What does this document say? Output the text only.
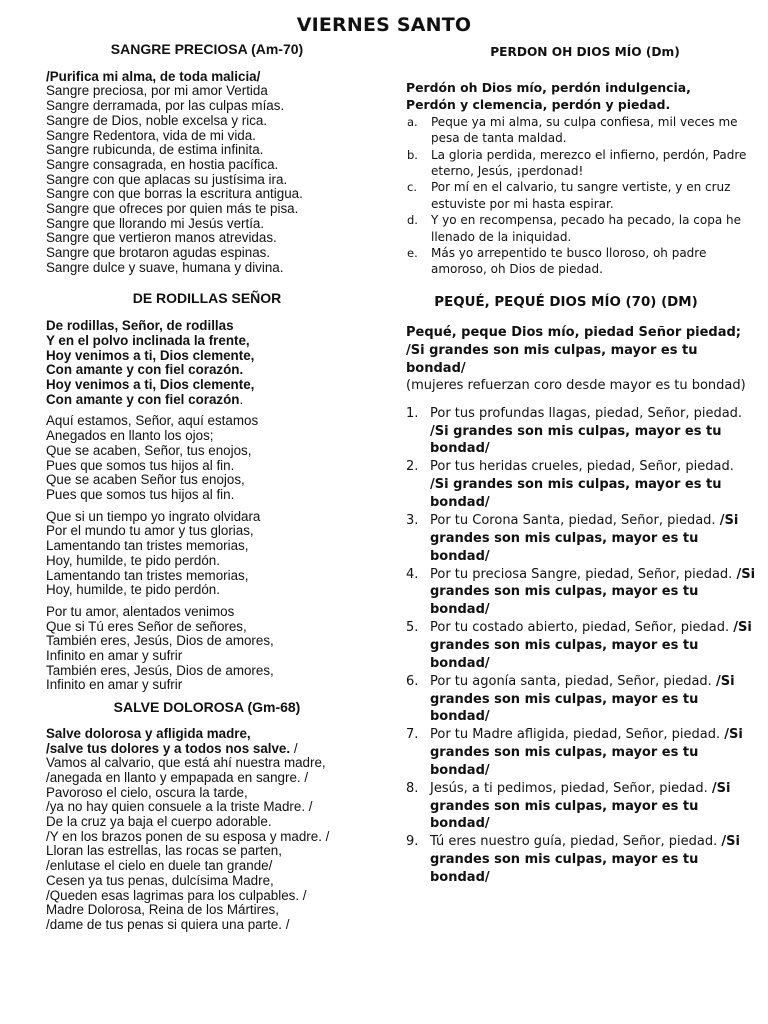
VIERNES SANTO
SANGRE PRECIOSA (Am-70)
/Purifica mi alma, de toda malicia/
Sangre preciosa, por mi amor Vertida
Sangre derramada, por las culpas mías.
Sangre de Dios, noble excelsa y rica.
Sangre Redentora, vida de mi vida.
Sangre rubicunda, de estima infinita.
Sangre consagrada, en hostia pacífica.
Sangre con que aplacas su justísima ira.
Sangre con que borras la escritura antigua.
Sangre que ofreces por quien más te pisa.
Sangre que llorando mi Jesús vertía.
Sangre que vertieron manos atrevidas.
Sangre que brotaron agudas espinas.
Sangre dulce y suave, humana y divina.
DE RODILLAS SEÑOR
De rodillas, Señor, de rodillas
Y en el polvo inclinada la frente,
Hoy venimos a ti, Dios clemente,
Con amante y con fiel corazón.
Hoy venimos a ti, Dios clemente,
Con amante y con fiel corazón.
Aquí estamos, Señor, aquí estamos
Anegados en llanto los ojos;
Que se acaben, Señor, tus enojos,
Pues que somos tus hijos al fin.
Que se acaben Señor tus enojos,
Pues que somos tus hijos al fin.
Que si un tiempo yo ingrato olvidara
Por el mundo tu amor y tus glorias,
Lamentando tan tristes memorias,
Hoy, humilde, te pido perdón.
Lamentando tan tristes memorias,
Hoy, humilde, te pido perdón.
Por tu amor, alentados venimos
Que si Tú eres Señor de señores,
También eres, Jesús, Dios de amores,
Infinito en amar y sufrir
También eres, Jesús, Dios de amores,
Infinito en amar y sufrir
SALVE DOLOROSA (Gm-68)
Salve dolorosa y afligida madre,
/salve tus dolores y a todos nos salve. /
Vamos al calvario, que está ahí nuestra madre,
/anegada en llanto y empapada en sangre. /
Pavoroso el cielo, oscura la tarde,
/ya no hay quien consuele a la triste Madre. /
De la cruz ya baja el cuerpo adorable.
/Y en los brazos ponen de su esposa y madre. /
Lloran las estrellas, las rocas se parten,
/enlutase el cielo en duele tan grande/
Cesen ya tus penas, dulcísima Madre,
/Queden esas lagrimas para los culpables. /
Madre Dolorosa, Reina de los Mártires,
/dame de tus penas si quiera una parte. /
PERDON OH DIOS MÍO (Dm)
Perdón oh Dios mío, perdón indulgencia,
Perdón y clemencia, perdón y piedad.
a. Peque ya mi alma, su culpa confiesa, mil veces me pesa de tanta maldad.
b. La gloria perdida, merezco el infierno, perdón, Padre eterno, Jesús, ¡perdonad!
c. Por mí en el calvario, tu sangre vertiste, y en cruz estuviste por mi hasta espirar.
d. Y yo en recompensa, pecado ha pecado, la copa he llenado de la iniquidad.
e. Más yo arrepentido te busco lloroso, oh padre amoroso, oh Dios de piedad.
PEQUÉ, PEQUÉ DIOS MÍO (70) (DM)
Pequé, peque Dios mío, piedad Señor piedad;
/Si grandes son mis culpas, mayor es tu bondad/
(mujeres refuerzan coro desde mayor es tu bondad)
1. Por tus profundas llagas, piedad, Señor, piedad. /Si grandes son mis culpas, mayor es tu bondad/
2. Por tus heridas crueles, piedad, Señor, piedad. /Si grandes son mis culpas, mayor es tu bondad/
3. Por tu Corona Santa, piedad, Señor, piedad. /Si grandes son mis culpas, mayor es tu bondad/
4. Por tu preciosa Sangre, piedad, Señor, piedad. /Si grandes son mis culpas, mayor es tu bondad/
5. Por tu costado abierto, piedad, Señor, piedad. /Si grandes son mis culpas, mayor es tu bondad/
6. Por tu agonía santa, piedad, Señor, piedad. /Si grandes son mis culpas, mayor es tu bondad/
7. Por tu Madre afligida, piedad, Señor, piedad. /Si grandes son mis culpas, mayor es tu bondad/
8. Jesús, a ti pedimos, piedad, Señor, piedad. /Si grandes son mis culpas, mayor es tu bondad/
9. Tú eres nuestro guía, piedad, Señor, piedad. /Si grandes son mis culpas, mayor es tu bondad/
